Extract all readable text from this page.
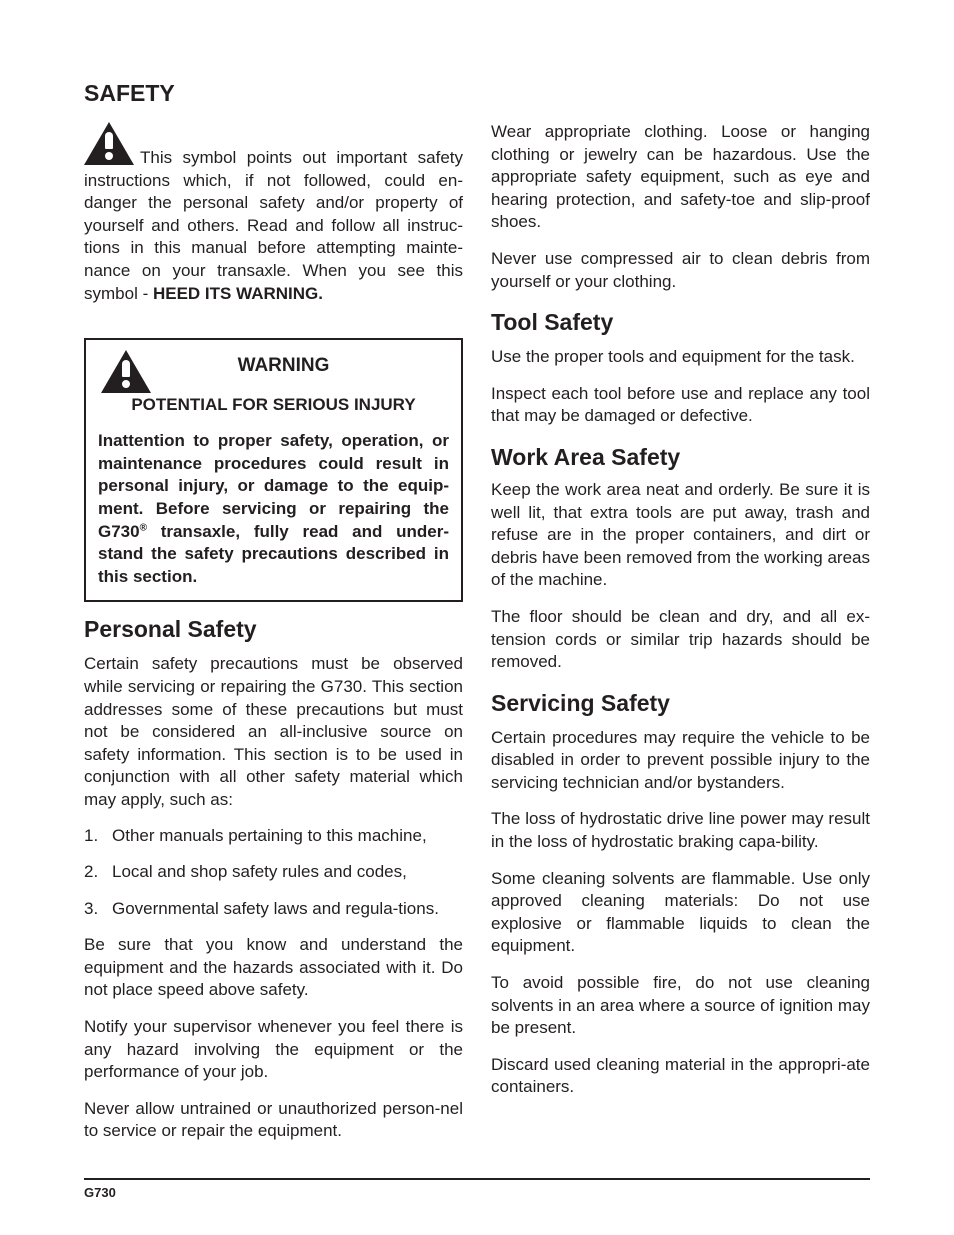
SAFETY

This symbol points out important safety instructions which, if not followed, could en-danger the personal safety and/or property of yourself and others. Read and follow all instruc-tions in this manual before attempting mainte-nance on your transaxle. When you see this symbol - HEED ITS WARNING.

WARNING
POTENTIAL FOR SERIOUS INJURY
Inattention to proper safety, operation, or maintenance procedures could result in personal injury, or damage to the equip-ment. Before servicing or repairing the G730® transaxle, fully read and under-stand the safety precautions described in this section.
Personal Safety

Certain safety precautions must be observed while servicing or repairing the G730. This section addresses some of these precautions but must not be considered an all-inclusive source on safety information. This section is to be used in conjunction with all other safety material which may apply, such as:

1. Other manuals pertaining to this machine,
2. Local and shop safety rules and codes,
3. Governmental safety laws and regula-tions.

Be sure that you know and understand the equipment and the hazards associated with it. Do not place speed above safety.

Notify your supervisor whenever you feel there is any hazard involving the equipment or the performance of your job.

Never allow untrained or unauthorized person-nel to service or repair the equipment.

Wear appropriate clothing. Loose or hanging clothing or jewelry can be hazardous. Use the appropriate safety equipment, such as eye and hearing protection, and safety-toe and slip-proof shoes.

Never use compressed air to clean debris from yourself or your clothing.

Tool Safety

Use the proper tools and equipment for the task.

Inspect each tool before use and replace any tool that may be damaged or defective.

Work Area Safety

Keep the work area neat and orderly. Be sure it is well lit, that extra tools are put away, trash and refuse are in the proper containers, and dirt or debris have been removed from the working areas of the machine.

The floor should be clean and dry, and all ex-tension cords or similar trip hazards should be removed.

Servicing Safety

Certain procedures may require the vehicle to be disabled in order to prevent possible injury to the servicing technician and/or bystanders.

The loss of hydrostatic drive line power may result in the loss of hydrostatic braking capa-bility.

Some cleaning solvents are flammable. Use only approved cleaning materials: Do not use explosive or flammable liquids to clean the equipment.

To avoid possible fire, do not use cleaning solvents in an area where a source of ignition may be present.

Discard used cleaning material in the appropri-ate containers.

G730
